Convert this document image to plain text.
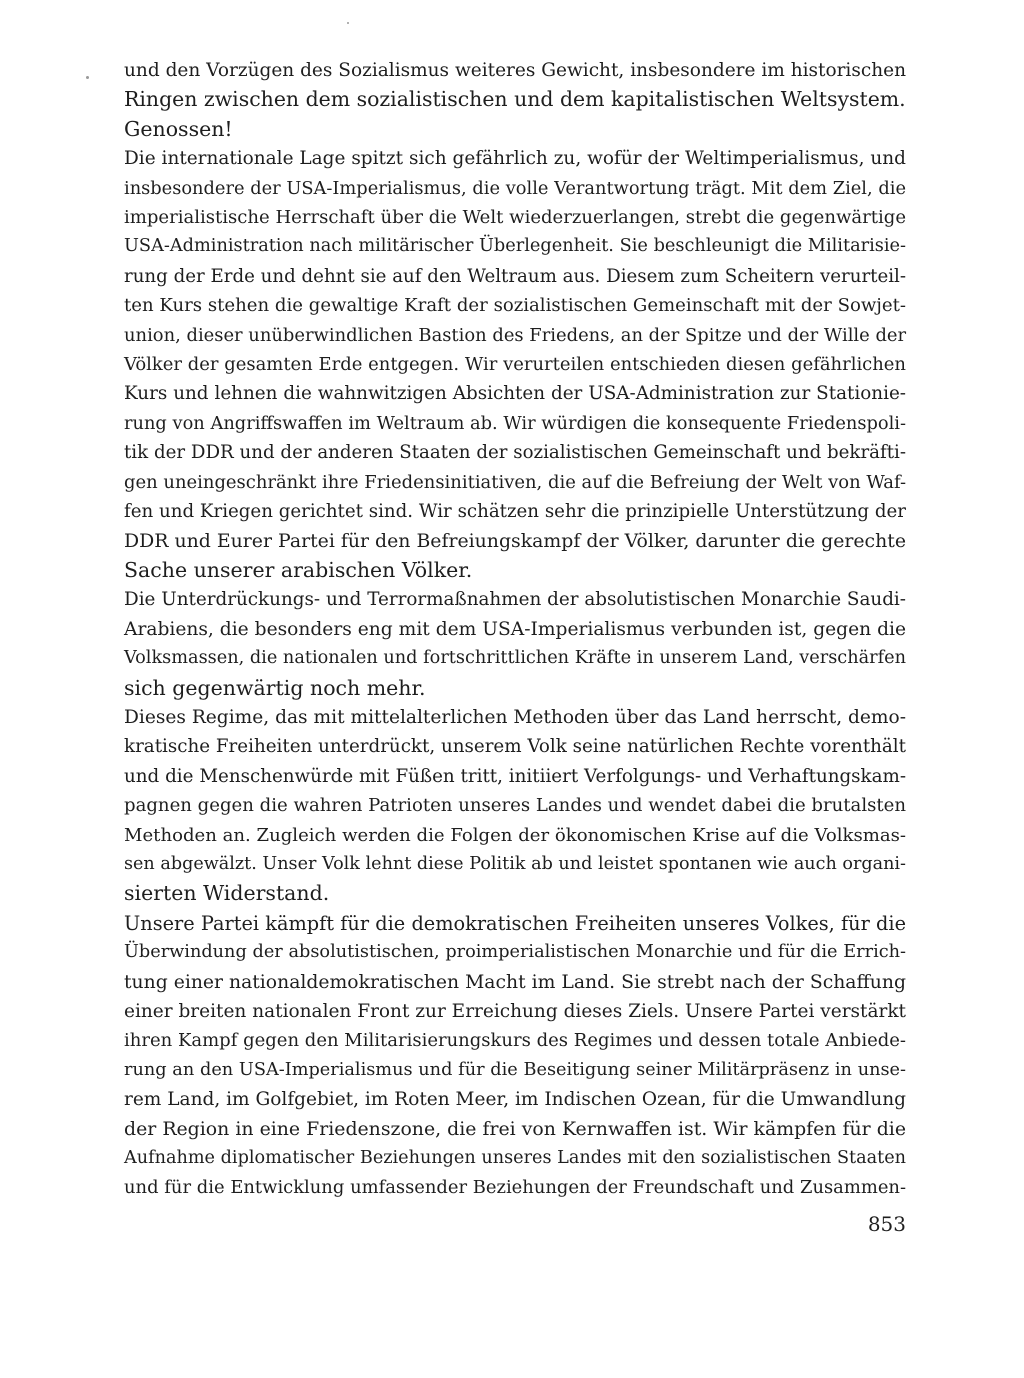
und den Vorzügen des Sozialismus weiteres Gewicht, insbesondere im historischen
Ringen zwischen dem sozialistischen und dem kapitalistischen Weltsystem.
Genossen!
Die internationale Lage spitzt sich gefährlich zu, wofür der Weltimperialismus, und
insbesondere der USA-Imperialismus, die volle Verantwortung trägt. Mit dem Ziel, die
imperialistische Herrschaft über die Welt wiederzuerlangen, strebt die gegenwärtige
USA-Administration nach militärischer Überlegenheit. Sie beschleunigt die Militarisie-
rung der Erde und dehnt sie auf den Weltraum aus. Diesem zum Scheitern verurteil-
ten Kurs stehen die gewaltige Kraft der sozialistischen Gemeinschaft mit der Sowjet-
union, dieser unüberwindlichen Bastion des Friedens, an der Spitze und der Wille der
Völker der gesamten Erde entgegen. Wir verurteilen entschieden diesen gefährlichen
Kurs und lehnen die wahnwitzigen Absichten der USA-Administration zur Stationie-
rung von Angriffswaffen im Weltraum ab. Wir würdigen die konsequente Friedenspoli-
tik der DDR und der anderen Staaten der sozialistischen Gemeinschaft und bekräfti-
gen uneingeschränkt ihre Friedensinitiativen, die auf die Befreiung der Welt von Waf-
fen und Kriegen gerichtet sind. Wir schätzen sehr die prinzipielle Unterstützung der
DDR und Eurer Partei für den Befreiungskampf der Völker, darunter die gerechte
Sache unserer arabischen Völker.
Die Unterdrückungs- und Terrormaßnahmen der absolutistischen Monarchie Saudi-
Arabiens, die besonders eng mit dem USA-Imperialismus verbunden ist, gegen die
Volksmassen, die nationalen und fortschrittlichen Kräfte in unserem Land, verschärfen
sich gegenwärtig noch mehr.
Dieses Regime, das mit mittelalterlichen Methoden über das Land herrscht, demo-
kratische Freiheiten unterdrückt, unserem Volk seine natürlichen Rechte vorenthält
und die Menschenwürde mit Füßen tritt, initiiert Verfolgungs- und Verhaftungskam-
pagnen gegen die wahren Patrioten unseres Landes und wendet dabei die brutalsten
Methoden an. Zugleich werden die Folgen der ökonomischen Krise auf die Volksmas-
sen abgewälzt. Unser Volk lehnt diese Politik ab und leistet spontanen wie auch organi-
sierten Widerstand.
Unsere Partei kämpft für die demokratischen Freiheiten unseres Volkes, für die
Überwindung der absolutistischen, proimperialistischen Monarchie und für die Errich-
tung einer nationaldemokratischen Macht im Land. Sie strebt nach der Schaffung
einer breiten nationalen Front zur Erreichung dieses Ziels. Unsere Partei verstärkt
ihren Kampf gegen den Militarisierungskurs des Regimes und dessen totale Anbiede-
rung an den USA-Imperialismus und für die Beseitigung seiner Militärpräsenz in unse-
rem Land, im Golfgebiet, im Roten Meer, im Indischen Ozean, für die Umwandlung
der Region in eine Friedenszone, die frei von Kernwaffen ist. Wir kämpfen für die
Aufnahme diplomatischer Beziehungen unseres Landes mit den sozialistischen Staaten
und für die Entwicklung umfassender Beziehungen der Freundschaft und Zusammen-
853
